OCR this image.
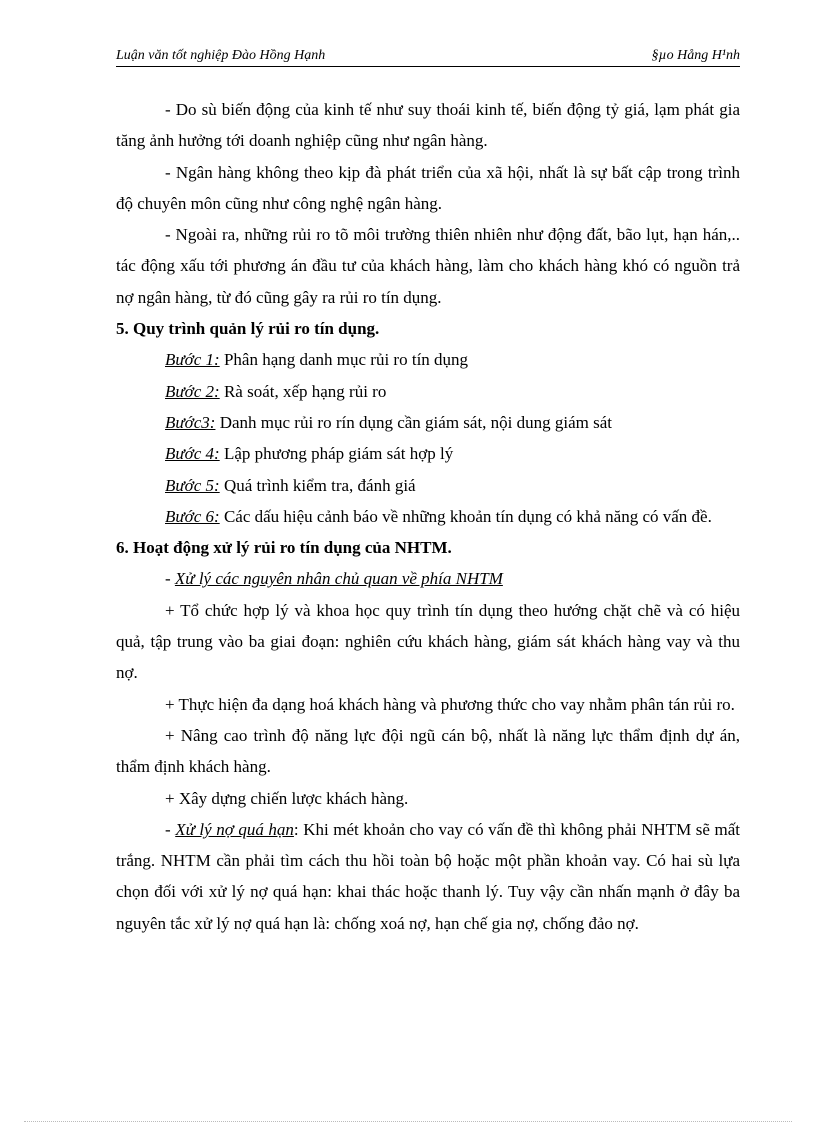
Luận văn tốt nghiệp Đào Hồng Hạnh	§µo Hång H¹nh

- Do sù biến động của kinh tế như suy thoái kinh tế, biến động tỷ giá, lạm phát gia tăng ảnh hưởng tới doanh nghiệp cũng như ngân hàng.

- Ngân hàng không theo kịp đà phát triển của xã hội, nhất là sự bất cập trong trình độ chuyên môn cũng như công nghệ ngân hàng.

- Ngoài ra, những rủi ro tõ môi trường thiên nhiên như động đất, bão lụt, hạn hán,.. tác động xấu tới phương án đầu tư của khách hàng, làm cho khách hàng khó có nguồn trả nợ ngân hàng, từ đó cũng gây ra rủi ro tín dụng.

5. Quy trình quản lý rủi ro tín dụng.

Bước 1: Phân hạng danh mục rủi ro tín dụng

Bước 2: Rà soát, xếp hạng rủi ro

Bước3: Danh mục rủi ro rín dụng cần giám sát, nội dung giám sát

Bước 4: Lập phương pháp giám sát hợp lý

Bước 5: Quá trình kiểm tra, đánh giá

Bước 6: Các dấu hiệu cảnh báo về những khoản tín dụng có khả năng có vấn đề.

6. Hoạt động xử lý rủi ro tín dụng của NHTM.

- Xử lý các nguyên nhân chủ quan về phía NHTM

+ Tổ chức hợp lý và khoa học quy trình tín dụng theo hướng chặt chẽ và có hiệu quả, tập trung vào ba giai đoạn: nghiên cứu khách hàng, giám sát khách hàng vay và thu nợ.

+ Thực hiện đa dạng hoá khách hàng và phương thức cho vay nhằm phân tán rủi ro.

+ Nâng cao trình độ năng lực đội ngũ cán bộ, nhất là năng lực thẩm định dự án, thẩm định khách hàng.

+ Xây dựng chiến lược khách hàng.

- Xử lý nợ quá hạn: Khi mét khoản cho vay có vấn đề thì không phải NHTM sẽ mất trắng. NHTM cần phải tìm cách thu hồi toàn bộ hoặc một phần khoản vay. Có hai sù lựa chọn đối với xử lý nợ quá hạn: khai thác hoặc thanh lý. Tuy vậy cần nhấn mạnh ở đây ba nguyên tắc xử lý nợ quá hạn là: chống xoá nợ, hạn chế gia nợ, chống đảo nợ.
